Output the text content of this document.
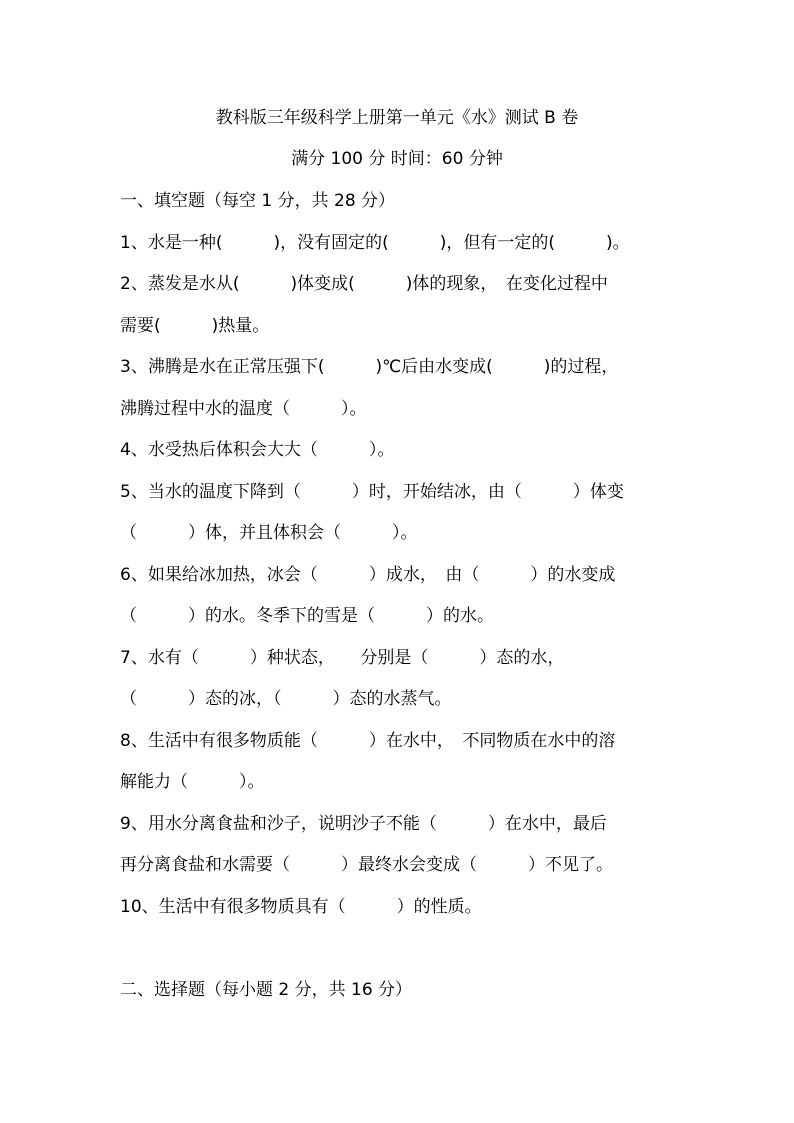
教科版三年级科学上册第一单元《水》测试 B 卷
满分 100 分 时间：60 分钟
一、填空题（每空 1 分，共 28 分）
1、水是一种(　　　)，没有固定的(　　　)，但有一定的(　　　)。
2、蒸发是水从(　　　)体变成(　　　)体的现象，　在变化过程中
需要(　　　)热量。
3、沸腾是水在正常压强下(　　　)℃后由水变成(　　　)的过程，
沸腾过程中水的温度（　　　）。
4、水受热后体积会大大（　　　）。
5、当水的温度下降到（　　　）时，开始结冰，由（　　　）体变
（　　　）体，并且体积会（　　　）。
6、如果给冰加热，冰会（　　　）成水，　由（　　　）的水变成
（　　　）的水。冬季下的雪是（　　　）的水。
7、水有（　　　）种状态，　　分别是（　　　）态的水，
（　　　）态的冰，（　　　）态的水蒸气。
8、生活中有很多物质能（　　　）在水中，　不同物质在水中的溶
解能力（　　　）。
9、用水分离食盐和沙子，说明沙子不能（　　　）在水中，最后
再分离食盐和水需要（　　　）最终水会变成（　　　）不见了。
10、生活中有很多物质具有（　　　）的性质。
二、选择题（每小题 2 分，共 16 分）
